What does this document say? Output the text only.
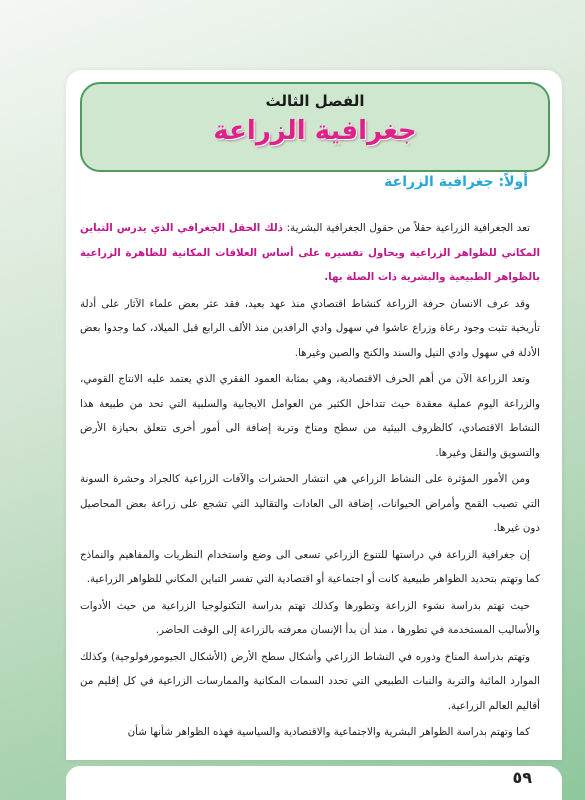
الفصل الثالث
جغرافية الزراعة
أولاً: جغرافية الزراعة

تعد الجغرافية الزراعية حقلاً من حقول الجغرافية البشرية: ذلك الحقل الجغرافي الذي يدرس التباين المكاني للظواهر الزراعية ويحاول تفسيره على أساس العلاقات المكانية للظاهرة الزراعية بالظواهر الطبيعية والبشرية ذات الصلة بها.

وقد عرف الانسان حرفة الزراعة كنشاط اقتصادي منذ عهد بعيد، فقد عثر بعض علماء الآثار على أدلة تأريخية تثبت وجود رعاة وزراع عاشوا في سهول وادي الرافدين منذ الألف الرابع قبل الميلاد، كما وجدوا بعض الأدلة في سهول وادي النيل والسند والكنج والصين وغيرها.

وتعد الزراعة الآن من أهم الحرف الاقتصادية، وهي بمثابة العمود الفقري الذي يعتمد عليه الانتاج القومي، والزراعة اليوم عملية معقدة حيث تتداخل الكثير من العوامل الايجابية والسلبية التي تحد من طبيعة هذا النشاط الاقتصادي، كالظروف البيئية من سطح ومناخ وتربة إضافة الى أمور أخرى تتعلق بحيازة الأرض والتسويق والنقل وغيرها.

ومن الأمور المؤثرة على النشاط الزراعي هي انتشار الحشرات والآفات الزراعية كالجراد وحشرة السونة التي تصيب القمح وأمراض الحيوانات، إضافة الى العادات والتقاليد التي تشجع على زراعة بعض المحاصيل دون غيرها.

إن جغرافية الزراعة في دراستها للتنوع الزراعي تسعى الى وضع واستخدام النظريات والمفاهيم والنماذج كما وتهتم بتحديد الظواهر طبيعية كانت أو اجتماعية أو اقتصادية التي تفسر التباين المكاني للظواهر الزراعية.

حيث تهتم بدراسة نشوء الزراعة وتطورها وكذلك تهتم بدراسة التكنولوجيا الزراعية من حيث الأدوات والأساليب المستخدمة في تطورها ، منذ أن بدأ الإنسان معرفته بالزراعة إلى الوقت الحاضر.

وتهتم بدراسة المناخ ودوره في النشاط الزراعي وأشكال سطح الأرض (الأشكال الجيومورفولوجية) وكذلك الموارد المائية والتربة والنبات الطبيعي التي تحدد السمات المكانية والممارسات الزراعية في كل إقليم من أقاليم العالم الزراعية.

كما وتهتم بدراسة الظواهر البشرية والاجتماعية والاقتصادية والسياسية فهذه الظواهر شأنها شأن

٥٩
